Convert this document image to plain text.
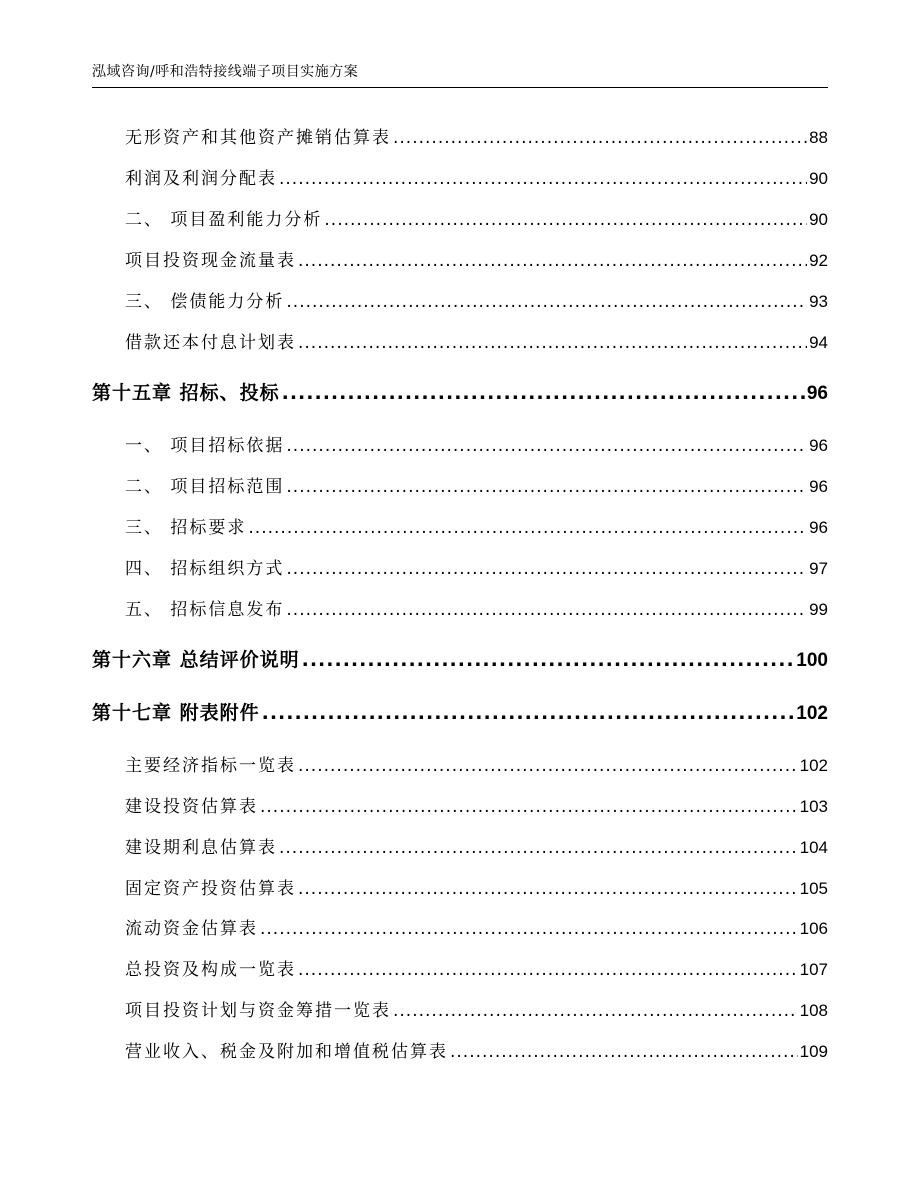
泓域咨询/呼和浩特接线端子项目实施方案
无形资产和其他资产摊销估算表 .....	88
利润及利润分配表 .....	90
二、 项目盈利能力分析 .....	90
项目投资现金流量表 .....	92
三、 偿债能力分析 .....	93
借款还本付息计划表 .....	94
第十五章 招标、投标 .....	96
一、 项目招标依据 .....	96
二、 项目招标范围 .....	96
三、 招标要求 .....	96
四、 招标组织方式 .....	97
五、 招标信息发布 .....	99
第十六章 总结评价说明 .....	100
第十七章 附表附件 .....	102
主要经济指标一览表 .....	102
建设投资估算表 .....	103
建设期利息估算表 .....	104
固定资产投资估算表 .....	105
流动资金估算表 .....	106
总投资及构成一览表 .....	107
项目投资计划与资金筹措一览表 .....	108
营业收入、税金及附加和增值税估算表 .....	109
